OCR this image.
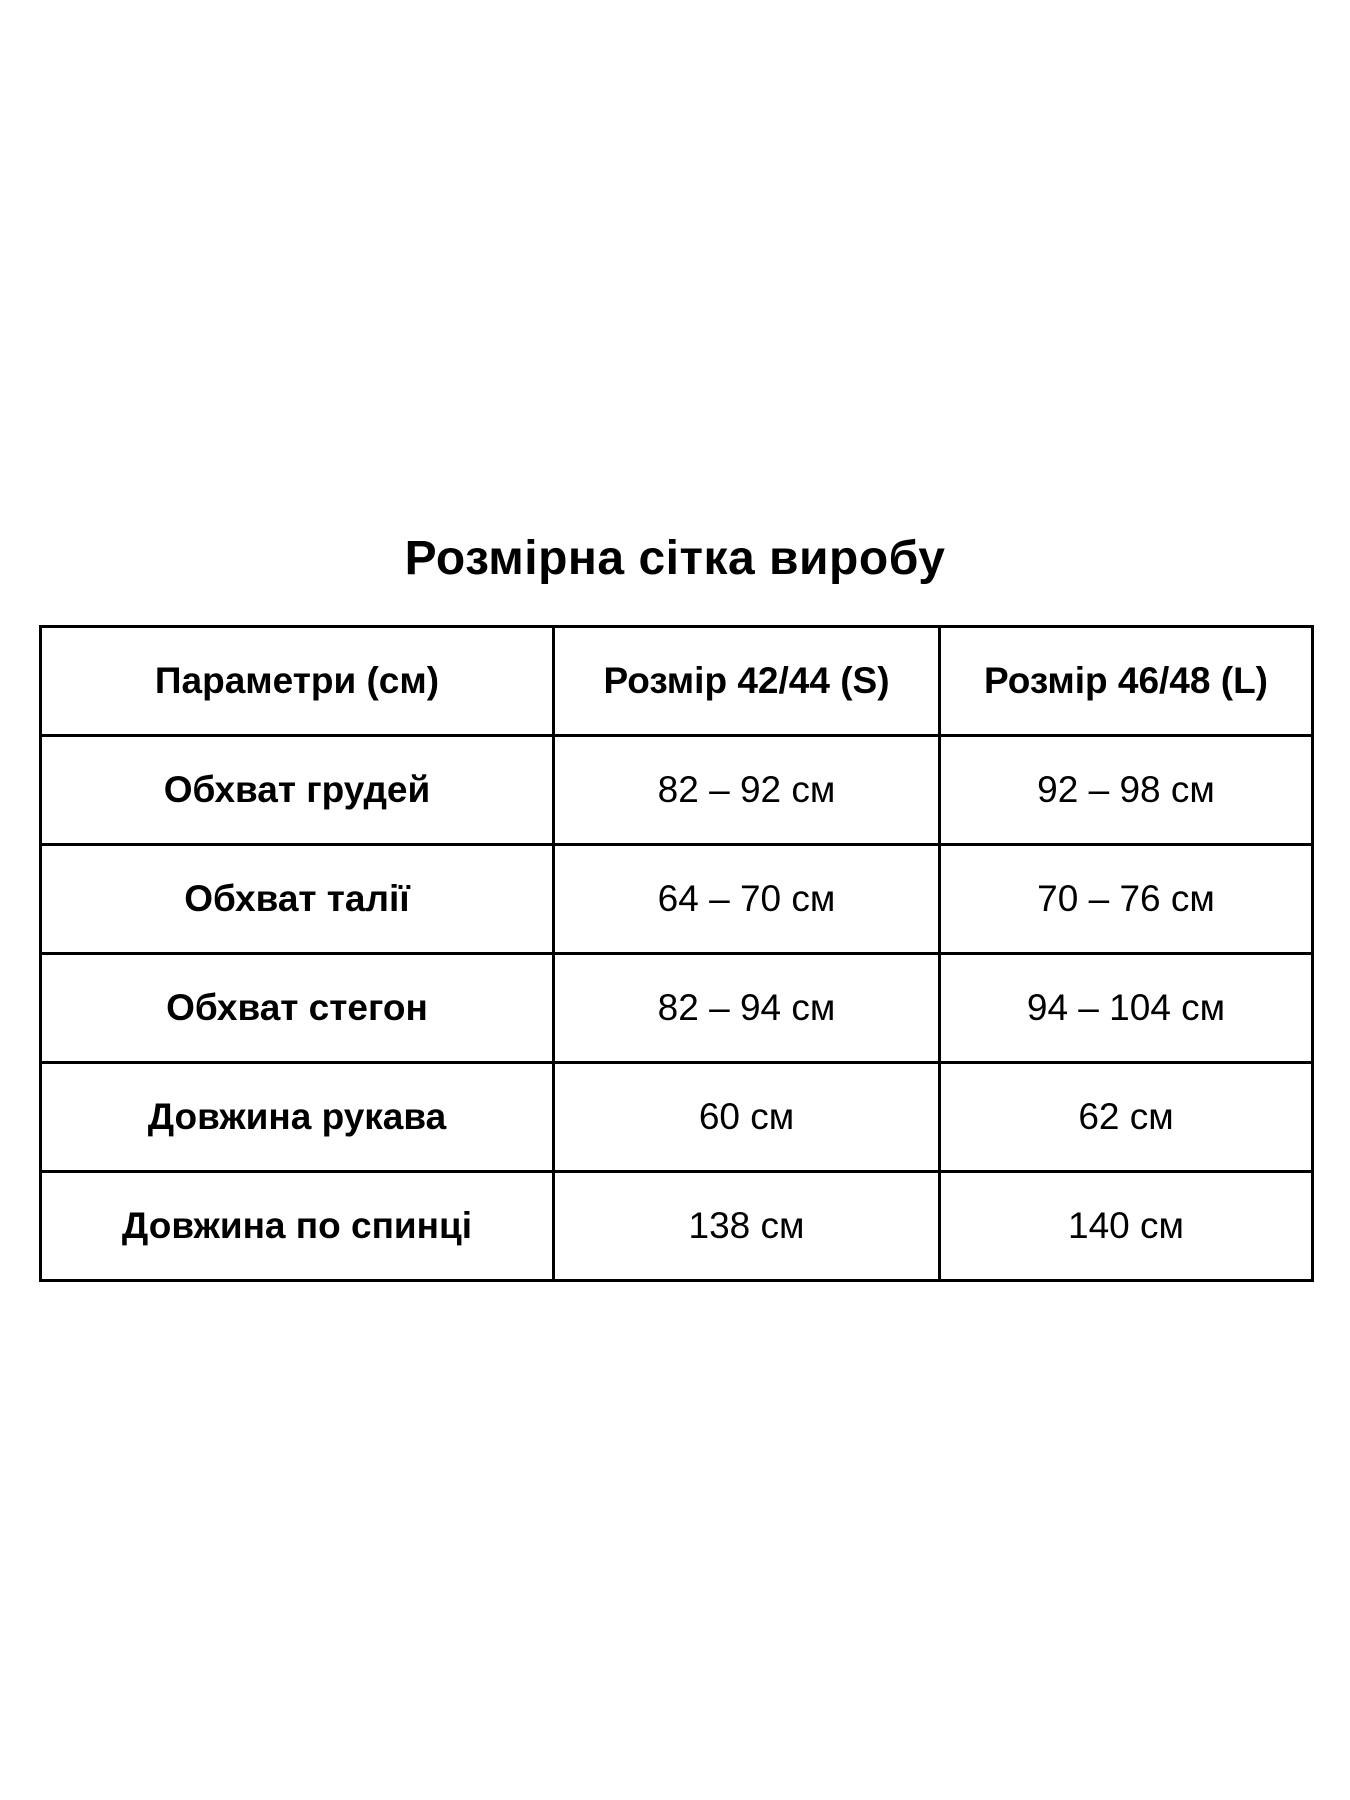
Розмірна сітка виробу
Параметри (см)	Розмір 42/44 (S)	Розмір 46/48 (L)
Обхват грудей	82 – 92 см	92 – 98 см
Обхват талії	64 – 70 см	70 – 76 см
Обхват стегон	82 – 94 см	94 – 104 см
Довжина рукава	60 см	62 см
Довжина по спинці	138 см	140 см
